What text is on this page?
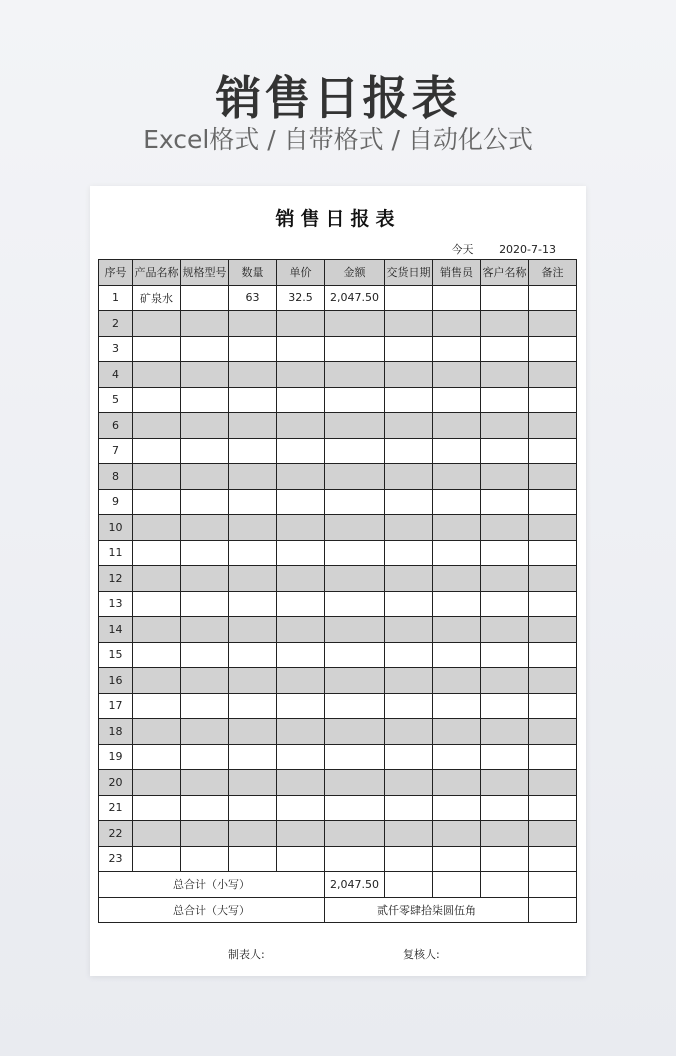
销售日报表
Excel格式 / 自带格式 / 自动化公式
销售日报表
今天 2020-7-13
序号	产品名称	规格型号	数量	单价	金额	交货日期	销售员	客户名称	备注
1	矿泉水		63	32.5	2,047.50				
2									
3									
4									
5									
6									
7									
8									
9									
10									
11									
12									
13									
14									
15									
16									
17									
18									
19									
20									
21									
22									
23									
总合计（小写）					2,047.50				
总合计（大写）					贰仟零肆拾柒圆伍角				
制表人:	复核人:
